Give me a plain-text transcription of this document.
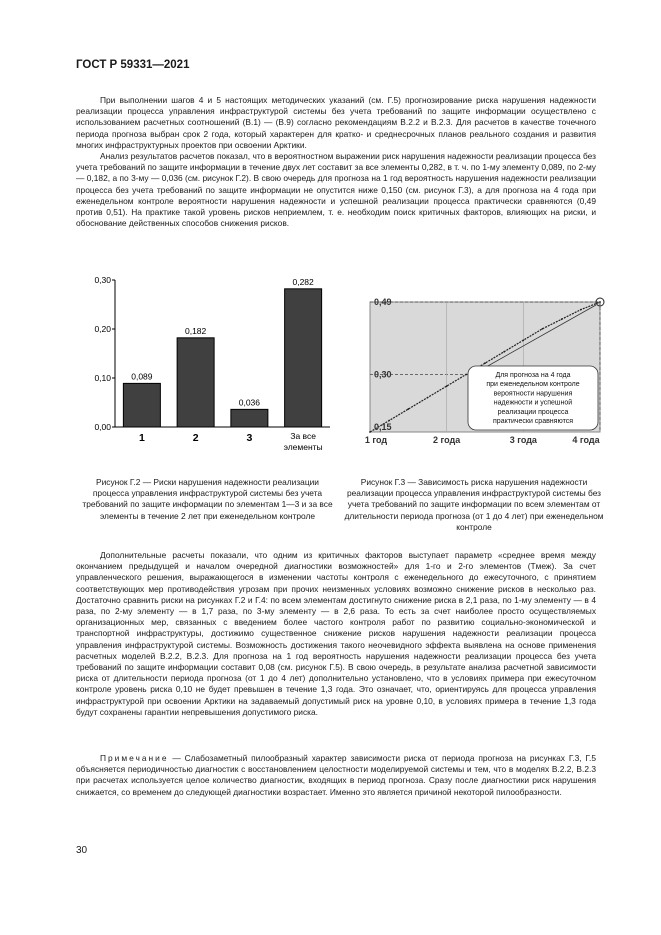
ГОСТ Р 59331—2021

При выполнении шагов 4 и 5 настоящих методических указаний (см. Г.5) прогнозирование риска нарушения надежности реализации процесса управления инфраструктурой системы без учета требований по защите информации осуществлено с использованием расчетных соотношений (В.1) — (В.9) согласно рекомендациям В.2.2 и В.2.3. Для расчетов в качестве точечного периода прогноза выбран срок 2 года, который характерен для кратко- и среднесрочных планов реального создания и развития многих инфраструктурных проектов при освоении Арктики.

Анализ результатов расчетов показал, что в вероятностном выражении риск нарушения надежности реализации процесса без учета требований по защите информации в течение двух лет составит за все элементы 0,282, в т. ч. по 1-му элементу 0,089, по 2-му — 0,182, а по 3-му — 0,036 (см. рисунок Г.2). В свою очередь для прогноза на 1 год вероятность нарушения надежности реализации процесса без учета требований по защите информации не опустится ниже 0,150 (см. рисунок Г.3), а для прогноза на 4 года при еженедельном контроле вероятности нарушения надежности и успешной реализации процесса практически сравняются (0,49 против 0,51). На практике такой уровень рисков неприемлем, т. е. необходим поиск критичных факторов, влияющих на риски, и обоснование действенных способов снижения рисков.

0,00
0,10
0,20
0,30
0,089
1
0,182
2
0,036
3
0,282
За все
элементы
0,15
0,30
0,49
1 год	2 года	3 года	4 года
Для прогноза на 4 года при еженедельном контроле вероятности нарушения надежности и успешной реализации процесса практически сравняются
Рисунок Г.2 — Риски нарушения надежности реализации процесса управления инфраструктурой системы без учета требований по защите информации по элементам 1—3 и за все элементы в течение 2 лет при еженедельном контроле
Рисунок Г.3 — Зависимость риска нарушения надежности реализации процесса управления инфраструктурой системы без учета требований по защите информации по всем элементам от длительности периода прогноза (от 1 до 4 лет) при еженедельном контроле

Дополнительные расчеты показали, что одним из критичных факторов выступает параметр «среднее время между окончанием предыдущей и началом очередной диагностики возможностей» для 1-го и 2-го элементов (Tмеж). За счет управленческого решения, выражающегося в изменении частоты контроля с еженедельного до ежесуточного, с принятием соответствующих мер противодействия угрозам при прочих неизменных условиях возможно снижение рисков в несколько раз. Достаточно сравнить риски на рисунках Г.2 и Г.4: по всем элементам достигнуто снижение риска в 2,1 раза, по 1-му элементу — в 4 раза, по 2-му элементу — в 1,7 раза, по 3-му элементу — в 2,6 раза. То есть за счет наиболее просто осуществляемых организационных мер, связанных с введением более частого контроля работ по развитию социально-экономической и транспортной инфраструктуры, достижимо существенное снижение рисков нарушения надежности реализации процесса управления инфраструктурой системы. Возможность достижения такого неочевидного эффекта выявлена на основе применения расчетных моделей В.2.2, В.2.3. Для прогноза на 1 год вероятность нарушения надежности реализации процесса без учета требований по защите информации составит 0,08 (см. рисунок Г.5). В свою очередь, в результате анализа расчетной зависимости риска от длительности периода прогноза (от 1 до 4 лет) дополнительно установлено, что в условиях примера при ежесуточном контроле уровень риска 0,10 не будет превышен в течение 1,3 года. Это означает, что, ориентируясь для процесса управления инфраструктурой при освоении Арктики на задаваемый допустимый риск на уровне 0,10, в условиях примера в течение 1,3 года будут сохранены гарантии непревышения допустимого риска.

Примечание — Слабозаметный пилообразный характер зависимости риска от периода прогноза на рисунках Г.3, Г.5 объясняется периодичностью диагностик с восстановлением целостности моделируемой системы и тем, что в моделях В.2.2, В.2.3 при расчетах используется целое количество диагностик, входящих в период прогноза. Сразу после диагностики риск нарушения снижается, со временем до следующей диагностики возрастает. Именно это является причиной некоторой пилообразности.

30
